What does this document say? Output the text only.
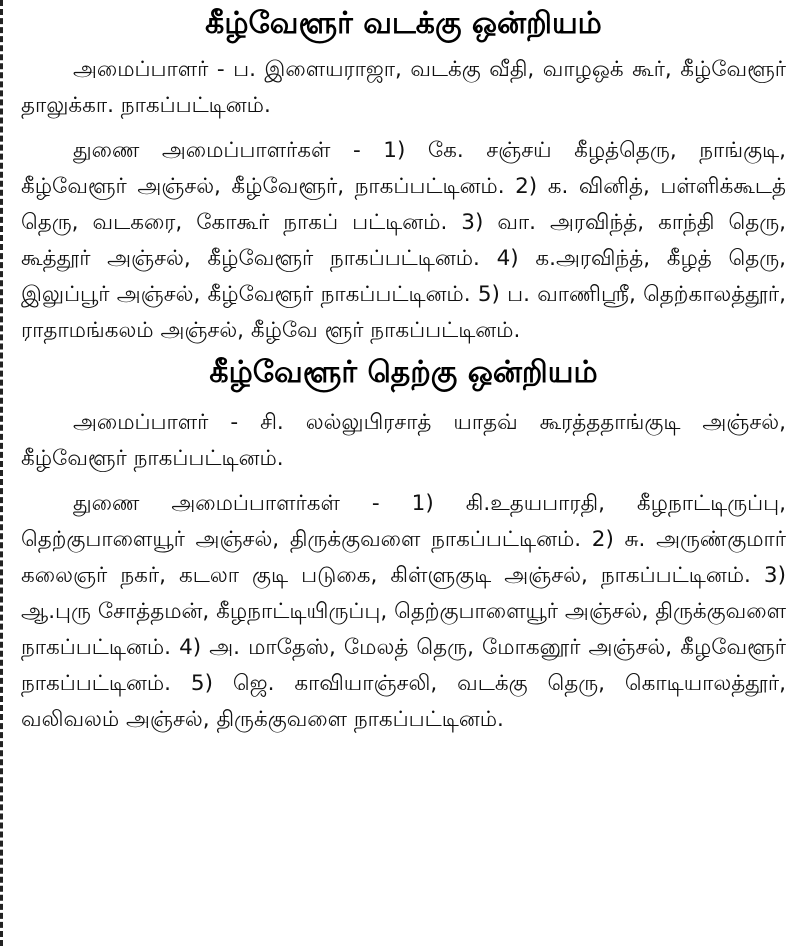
கீழ்வேளூர் வடக்கு ஒன்றியம்

அமைப்பாளர் - ப. இளையராஜா, வடக்கு வீதி, வாழஒக் கூர், கீழ்வேளூர் தாலுக்கா. நாகப்பட்டினம்.

துணை அமைப்பாளர்கள் - 1) கே. சஞ்சய் கீழத்தெரு, நாங்குடி, கீழ்வேளூர் அஞ்சல், கீழ்வேளூர், நாகப்பட்டினம். 2) க. வினித், பள்ளிக்கூடத் தெரு, வடகரை, கோகூர் நாகப் பட்டினம். 3) வா. அரவிந்த், காந்தி தெரு, கூத்தூர் அஞ்சல், கீழ்வேளூர் நாகப்பட்டினம். 4) க.அரவிந்த், கீழத் தெரு, இலுப்பூர் அஞ்சல், கீழ்வேளூர் நாகப்பட்டினம். 5) ப. வாணிஸ்ரீ, தெற்காலத்தூர், ராதாமங்கலம் அஞ்சல், கீழ்வே ளூர் நாகப்பட்டினம்.

கீழ்வேளூர் தெற்கு ஒன்றியம்

அமைப்பாளர் - சி. லல்லுபிரசாத் யாதவ் கூரத்ததாங்குடி அஞ்சல், கீழ்வேளூர் நாகப்பட்டினம்.

துணை அமைப்பாளர்கள் - 1) கி.உதயபாரதி, கீழநாட்டிருப்பு, தெற்குபாளையூர் அஞ்சல், திருக்குவளை நாகப்பட்டினம். 2) சு. அருண்குமார் கலைஞர் நகர், கடலா குடி படுகை, கிள்ளுகுடி அஞ்சல், நாகப்பட்டினம். 3) ஆ.புரு சோத்தமன், கீழநாட்டியிருப்பு, தெற்குபாளையூர் அஞ்சல், திருக்குவளை நாகப்பட்டினம். 4) அ. மாதேஸ், மேலத் தெரு, மோகனூர் அஞ்சல், கீழவேளூர் நாகப்பட்டினம். 5) ஜெ. காவியாஞ்சலி, வடக்கு தெரு, கொடியாலத்தூர், வலிவலம் அஞ்சல், திருக்குவளை நாகப்பட்டினம்.
